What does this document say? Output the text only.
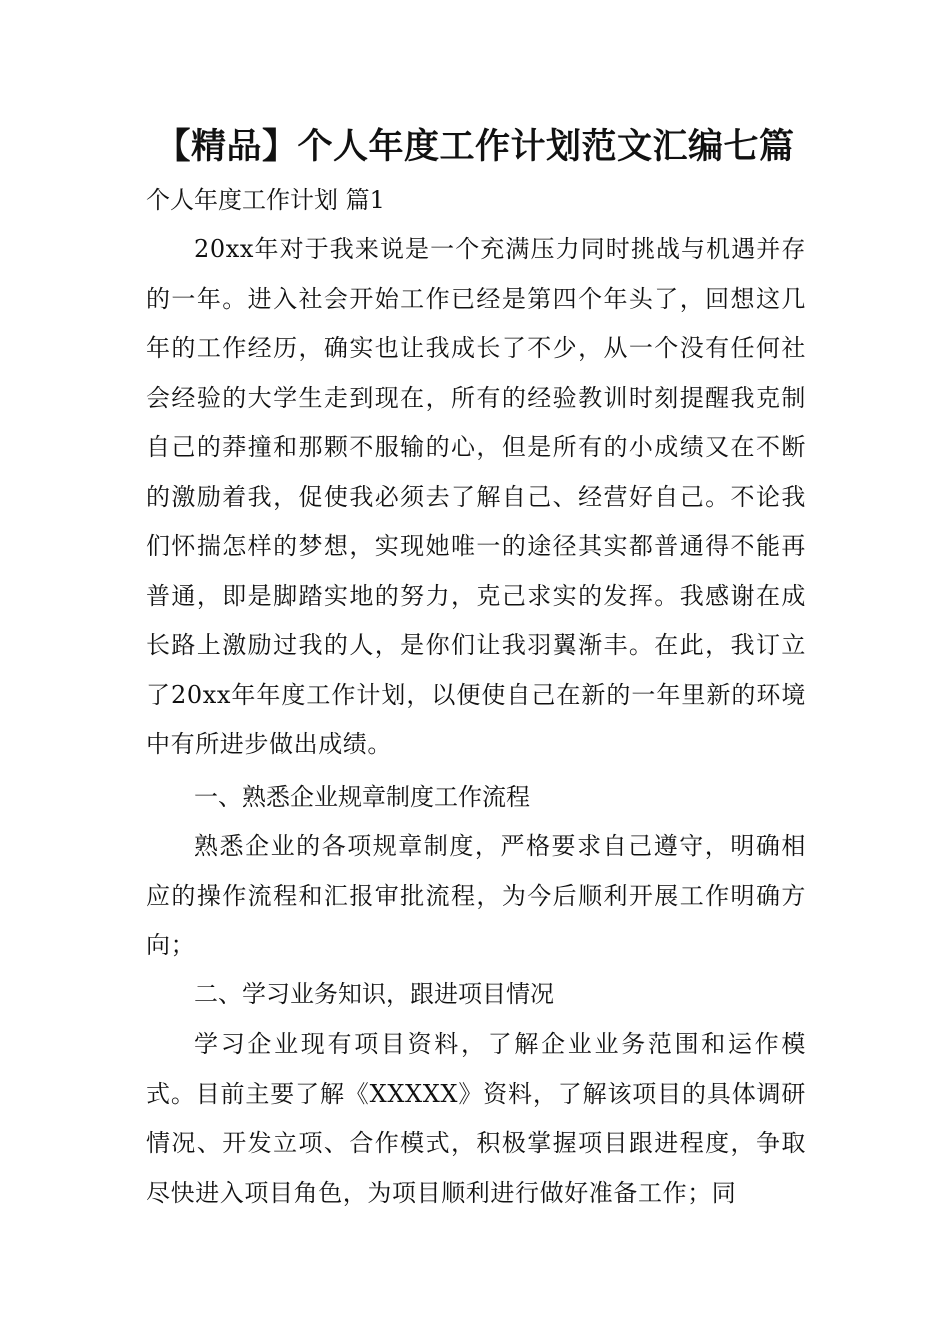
【精品】个人年度工作计划范文汇编七篇
个人年度工作计划 篇1
20xx年对于我来说是一个充满压力同时挑战与机遇并存的一年。进入社会开始工作已经是第四个年头了，回想这几年的工作经历，确实也让我成长了不少，从一个没有任何社会经验的大学生走到现在，所有的经验教训时刻提醒我克制自己的莽撞和那颗不服输的心，但是所有的小成绩又在不断的激励着我，促使我必须去了解自己、经营好自己。不论我们怀揣怎样的梦想，实现她唯一的途径其实都普通得不能再普通，即是脚踏实地的努力，克己求实的发挥。我感谢在成长路上激励过我的人，是你们让我羽翼渐丰。在此，我订立了20xx年年度工作计划，以便使自己在新的一年里新的环境中有所进步做出成绩。
一、熟悉企业规章制度工作流程
熟悉企业的各项规章制度，严格要求自己遵守，明确相应的操作流程和汇报审批流程，为今后顺利开展工作明确方向；
二、学习业务知识，跟进项目情况
学习企业现有项目资料，了解企业业务范围和运作模式。目前主要了解《XXXXX》资料，了解该项目的具体调研情况、开发立项、合作模式，积极掌握项目跟进程度，争取尽快进入项目角色，为项目顺利进行做好准备工作；同
